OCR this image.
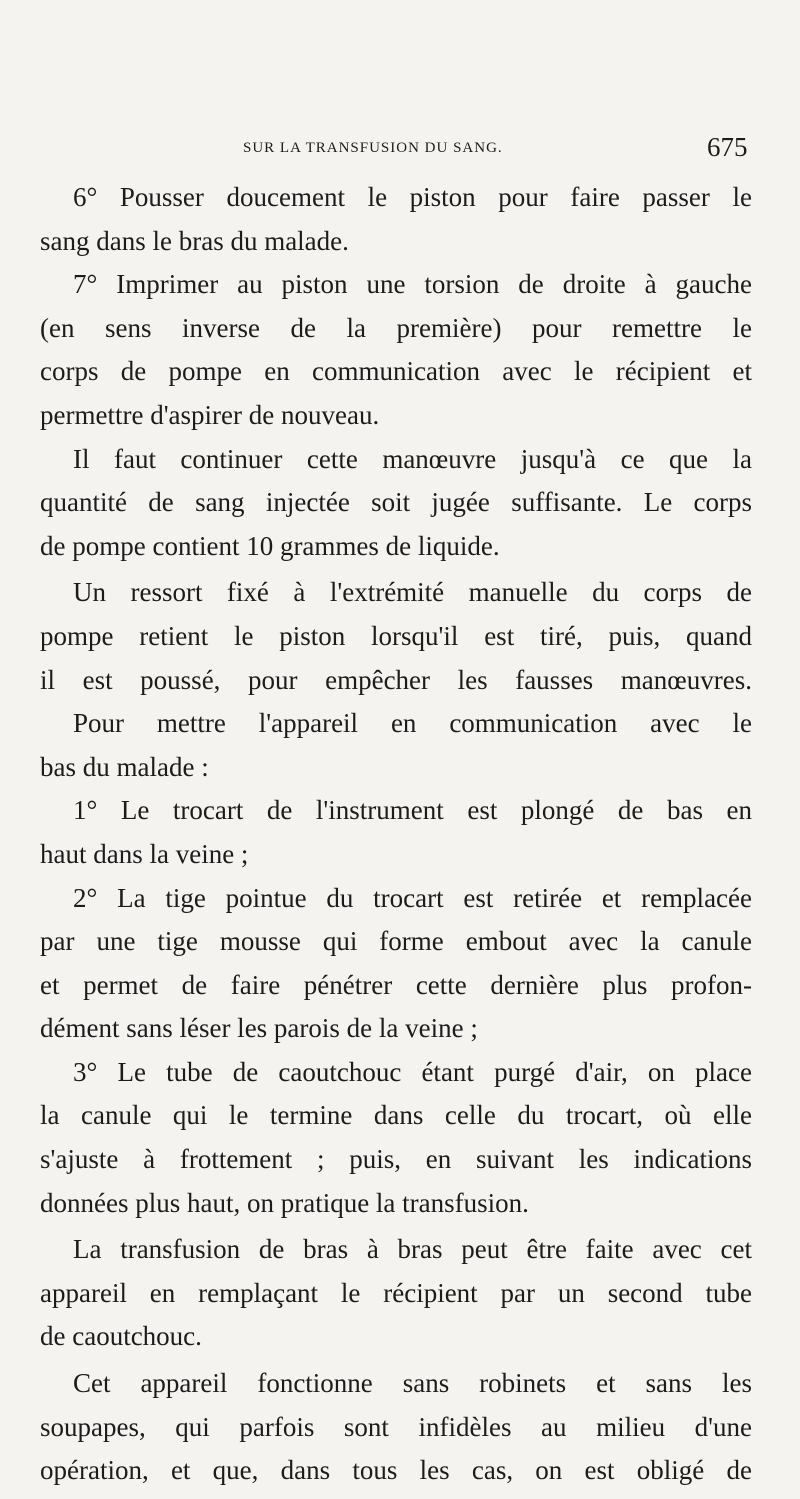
SUR LA TRANSFUSION DU SANG.	675
6° Pousser doucement le piston pour faire passer le
sang dans le bras du malade.
7° Imprimer au piston une torsion de droite à gauche
(en sens inverse de la première) pour remettre le
corps de pompe en communication avec le récipient et
permettre d'aspirer de nouveau.
Il faut continuer cette manœuvre jusqu'à ce que la
quantité de sang injectée soit jugée suffisante. Le corps
de pompe contient 10 grammes de liquide.
Un ressort fixé à l'extrémité manuelle du corps de
pompe retient le piston lorsqu'il est tiré, puis, quand
il est poussé, pour empêcher les fausses manœuvres.
Pour mettre l'appareil en communication avec le
bas du malade :
1° Le trocart de l'instrument est plongé de bas en
haut dans la veine ;
2° La tige pointue du trocart est retirée et remplacée
par une tige mousse qui forme embout avec la canule
et permet de faire pénétrer cette dernière plus profon-
dément sans léser les parois de la veine ;
3° Le tube de caoutchouc étant purgé d'air, on place
la canule qui le termine dans celle du trocart, où elle
s'ajuste à frottement ; puis, en suivant les indications
données plus haut, on pratique la transfusion.
La transfusion de bras à bras peut être faite avec cet
appareil en remplaçant le récipient par un second tube
de caoutchouc.
Cet appareil fonctionne sans robinets et sans les
soupapes, qui parfois sont infidèles au milieu d'une
opération, et que, dans tous les cas, on est obligé de
